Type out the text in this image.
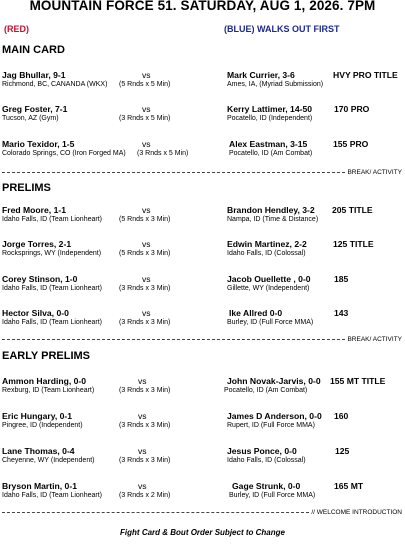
MOUNTAIN FORCE 51. SATURDAY, AUG 1, 2026. 7PM
(RED)	(BLUE) WALKS OUT FIRST
MAIN CARD
Jag Bhullar, 9-1
Richmond, BC, CANANDA (WKX)
vs
(5 Rnds x 5 Min)
Mark Currier, 3-6
Ames, IA, (Myriad Submission)
HVY PRO TITLE
Greg Foster, 7-1
Tucson, AZ (Gym)
vs
(3 Rnds x 5 Min)
Kerry Lattimer, 14-50
Pocatello, ID (Independent)
170 PRO
Mario Texidor, 1-5
Colorado Springs, CO (Iron Forged MA)
vs
(3 Rnds x 5 Min)
Alex Eastman, 3-15
Pocatello, ID (Am Combat)
155 PRO
BREAK/ ACTIVITY
PRELIMS
Fred Moore, 1-1
Idaho Falls, ID (Team Lionheart)
vs
(5 Rnds x 3 Min)
Brandon Hendley, 3-2
Nampa, ID (Time & Distance)
205 TITLE
Jorge Torres, 2-1
Rocksprings, WY (Independent)
vs
(5 Rnds x 3 Min)
Edwin Martinez, 2-2
Idaho Falls, ID (Colossal)
125 TITLE
Corey Stinson, 1-0
Idaho Falls, ID (Team Lionheart)
vs
(3 Rnds x 3 Min)
Jacob Ouellette , 0-0
Gillette, WY (Independent)
185
Hector Silva, 0-0
Idaho Falls, ID (Team Lionheart)
vs
(3 Rnds x 3 Min)
Ike Allred 0-0
Burley, ID (Full Force MMA)
143
BREAK/ ACTIVITY
EARLY PRELIMS
Ammon Harding, 0-0
Rexburg, ID (Team Lionheart)
vs
(3 Rnds x 3 Min)
John Novak-Jarvis, 0-0
Pocatello, ID (Am Combat)
155 MT TITLE
Eric Hungary, 0-1
Pingree, ID (Independent)
vs
(3 Rnds x 3 Min)
James D Anderson, 0-0
Rupert, ID (Full Force MMA)
160
Lane Thomas, 0-4
Cheyenne, WY (Independent)
vs
(3 Rnds x 3 Min)
Jesus Ponce, 0-0
Idaho Falls, ID (Colossal)
125
Bryson Martin, 0-1
Idaho Falls, ID (Team Lionheart)
vs
(3 Rnds x 2 Min)
Gage Strunk, 0-0
Burley, ID (Full Force MMA)
165 MT
// WELCOME INTRODUCTION
Fight Card & Bout Order Subject to Change
